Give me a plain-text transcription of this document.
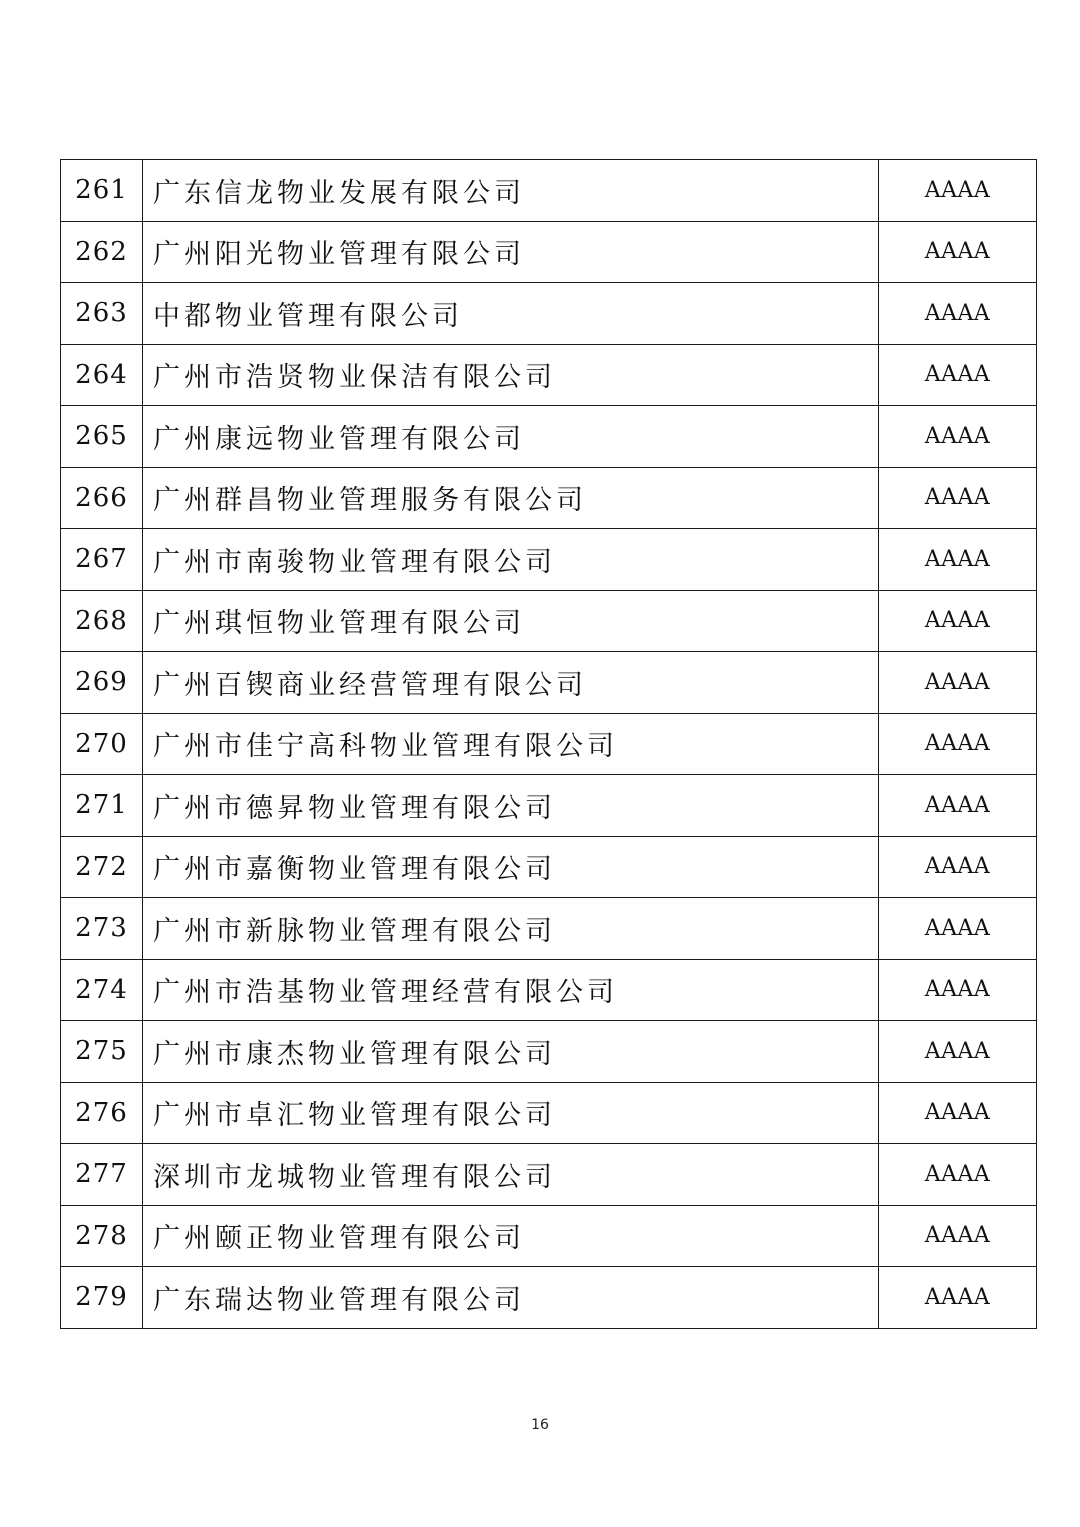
261	广东信龙物业发展有限公司	AAAA
262	广州阳光物业管理有限公司	AAAA
263	中都物业管理有限公司	AAAA
264	广州市浩贤物业保洁有限公司	AAAA
265	广州康远物业管理有限公司	AAAA
266	广州群昌物业管理服务有限公司	AAAA
267	广州市南骏物业管理有限公司	AAAA
268	广州琪恒物业管理有限公司	AAAA
269	广州百锲商业经营管理有限公司	AAAA
270	广州市佳宁高科物业管理有限公司	AAAA
271	广州市德昇物业管理有限公司	AAAA
272	广州市嘉衡物业管理有限公司	AAAA
273	广州市新脉物业管理有限公司	AAAA
274	广州市浩基物业管理经营有限公司	AAAA
275	广州市康杰物业管理有限公司	AAAA
276	广州市卓汇物业管理有限公司	AAAA
277	深圳市龙城物业管理有限公司	AAAA
278	广州颐正物业管理有限公司	AAAA
279	广东瑞达物业管理有限公司	AAAA
16
